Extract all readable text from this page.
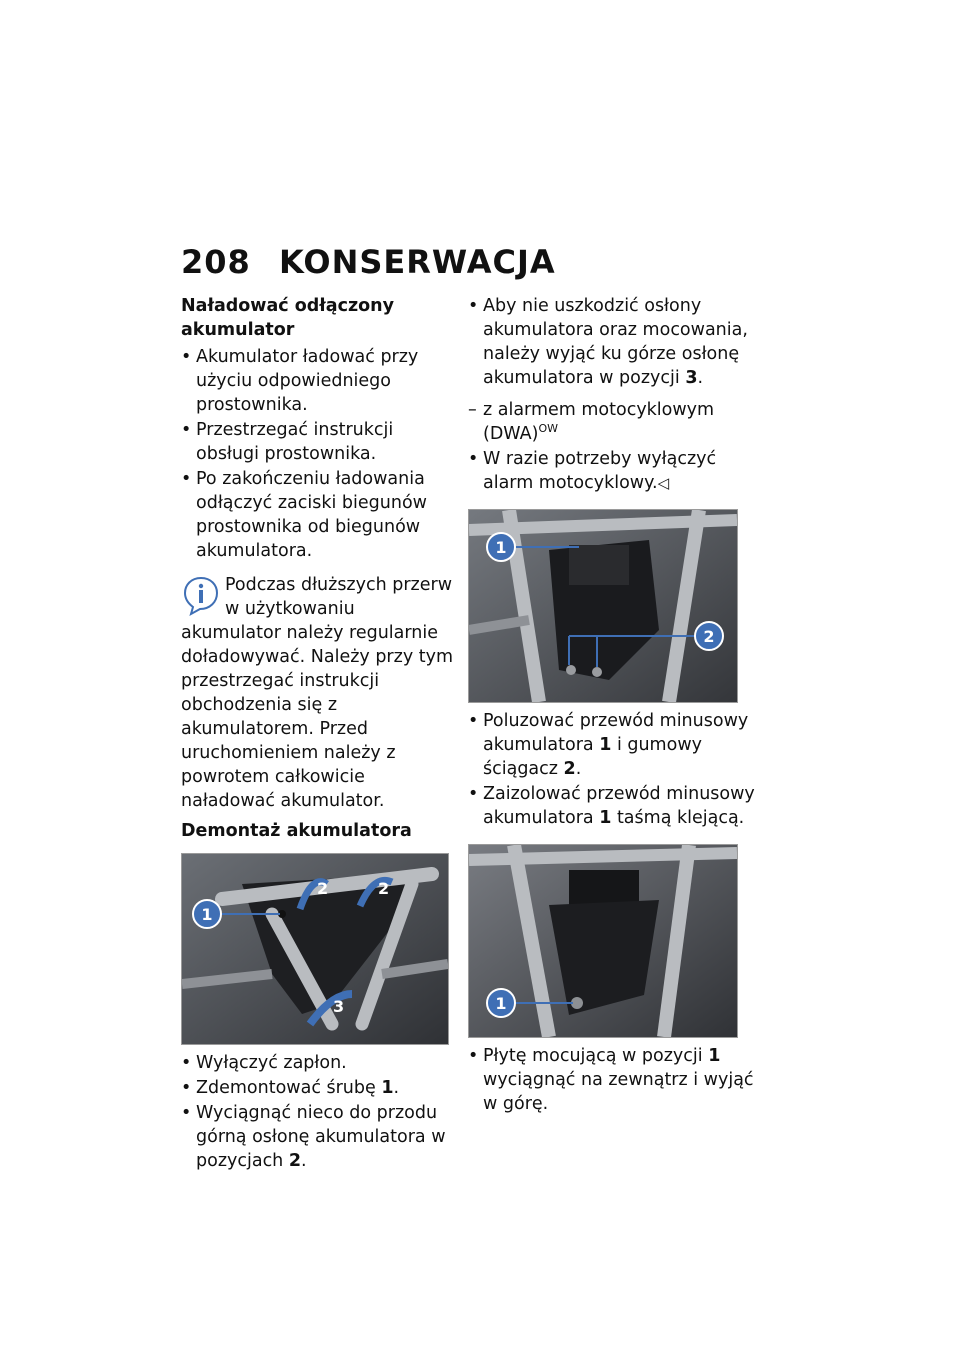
208 KONSERWACJA
Naładować odłączony akumulator
• Akumulator ładować przy użyciu odpowiedniego prostownika.
• Przestrzegać instrukcji obsługi prostownika.
• Po zakończeniu ładowania odłączyć zaciski biegunów prostownika od biegunów akumulatora.
Podczas dłuższych przerw w użytkowaniu akumulator należy regularnie doładowywać. Należy przy tym przestrzegać instrukcji obchodzenia się z akumulatorem. Przed uruchomieniem należy z powrotem całkowicie naładować akumulator.
Demontaż akumulatora
1
2	2
3
• Wyłączyć zapłon.
• Zdemontować śrubę 1.
• Wyciągnąć nieco do przodu górną osłonę akumulatora w pozycjach 2.
• Aby nie uszkodzić osłony akumulatora oraz mocowania, należy wyjąć ku górze osłonę akumulatora w pozycji 3.
– z alarmem motocyklowym (DWA)$^{OW}$
• W razie potrzeby wyłączyć alarm motocyklowy.◁
1
2
• Poluzować przewód minusowy akumulatora 1 i gumowy ściągacz 2.
• Zaizolować przewód minusowy akumulatora 1 taśmą klejącą.
1
• Płytę mocującą w pozycji 1 wyciągnąć na zewnątrz i wyjąć w górę.
